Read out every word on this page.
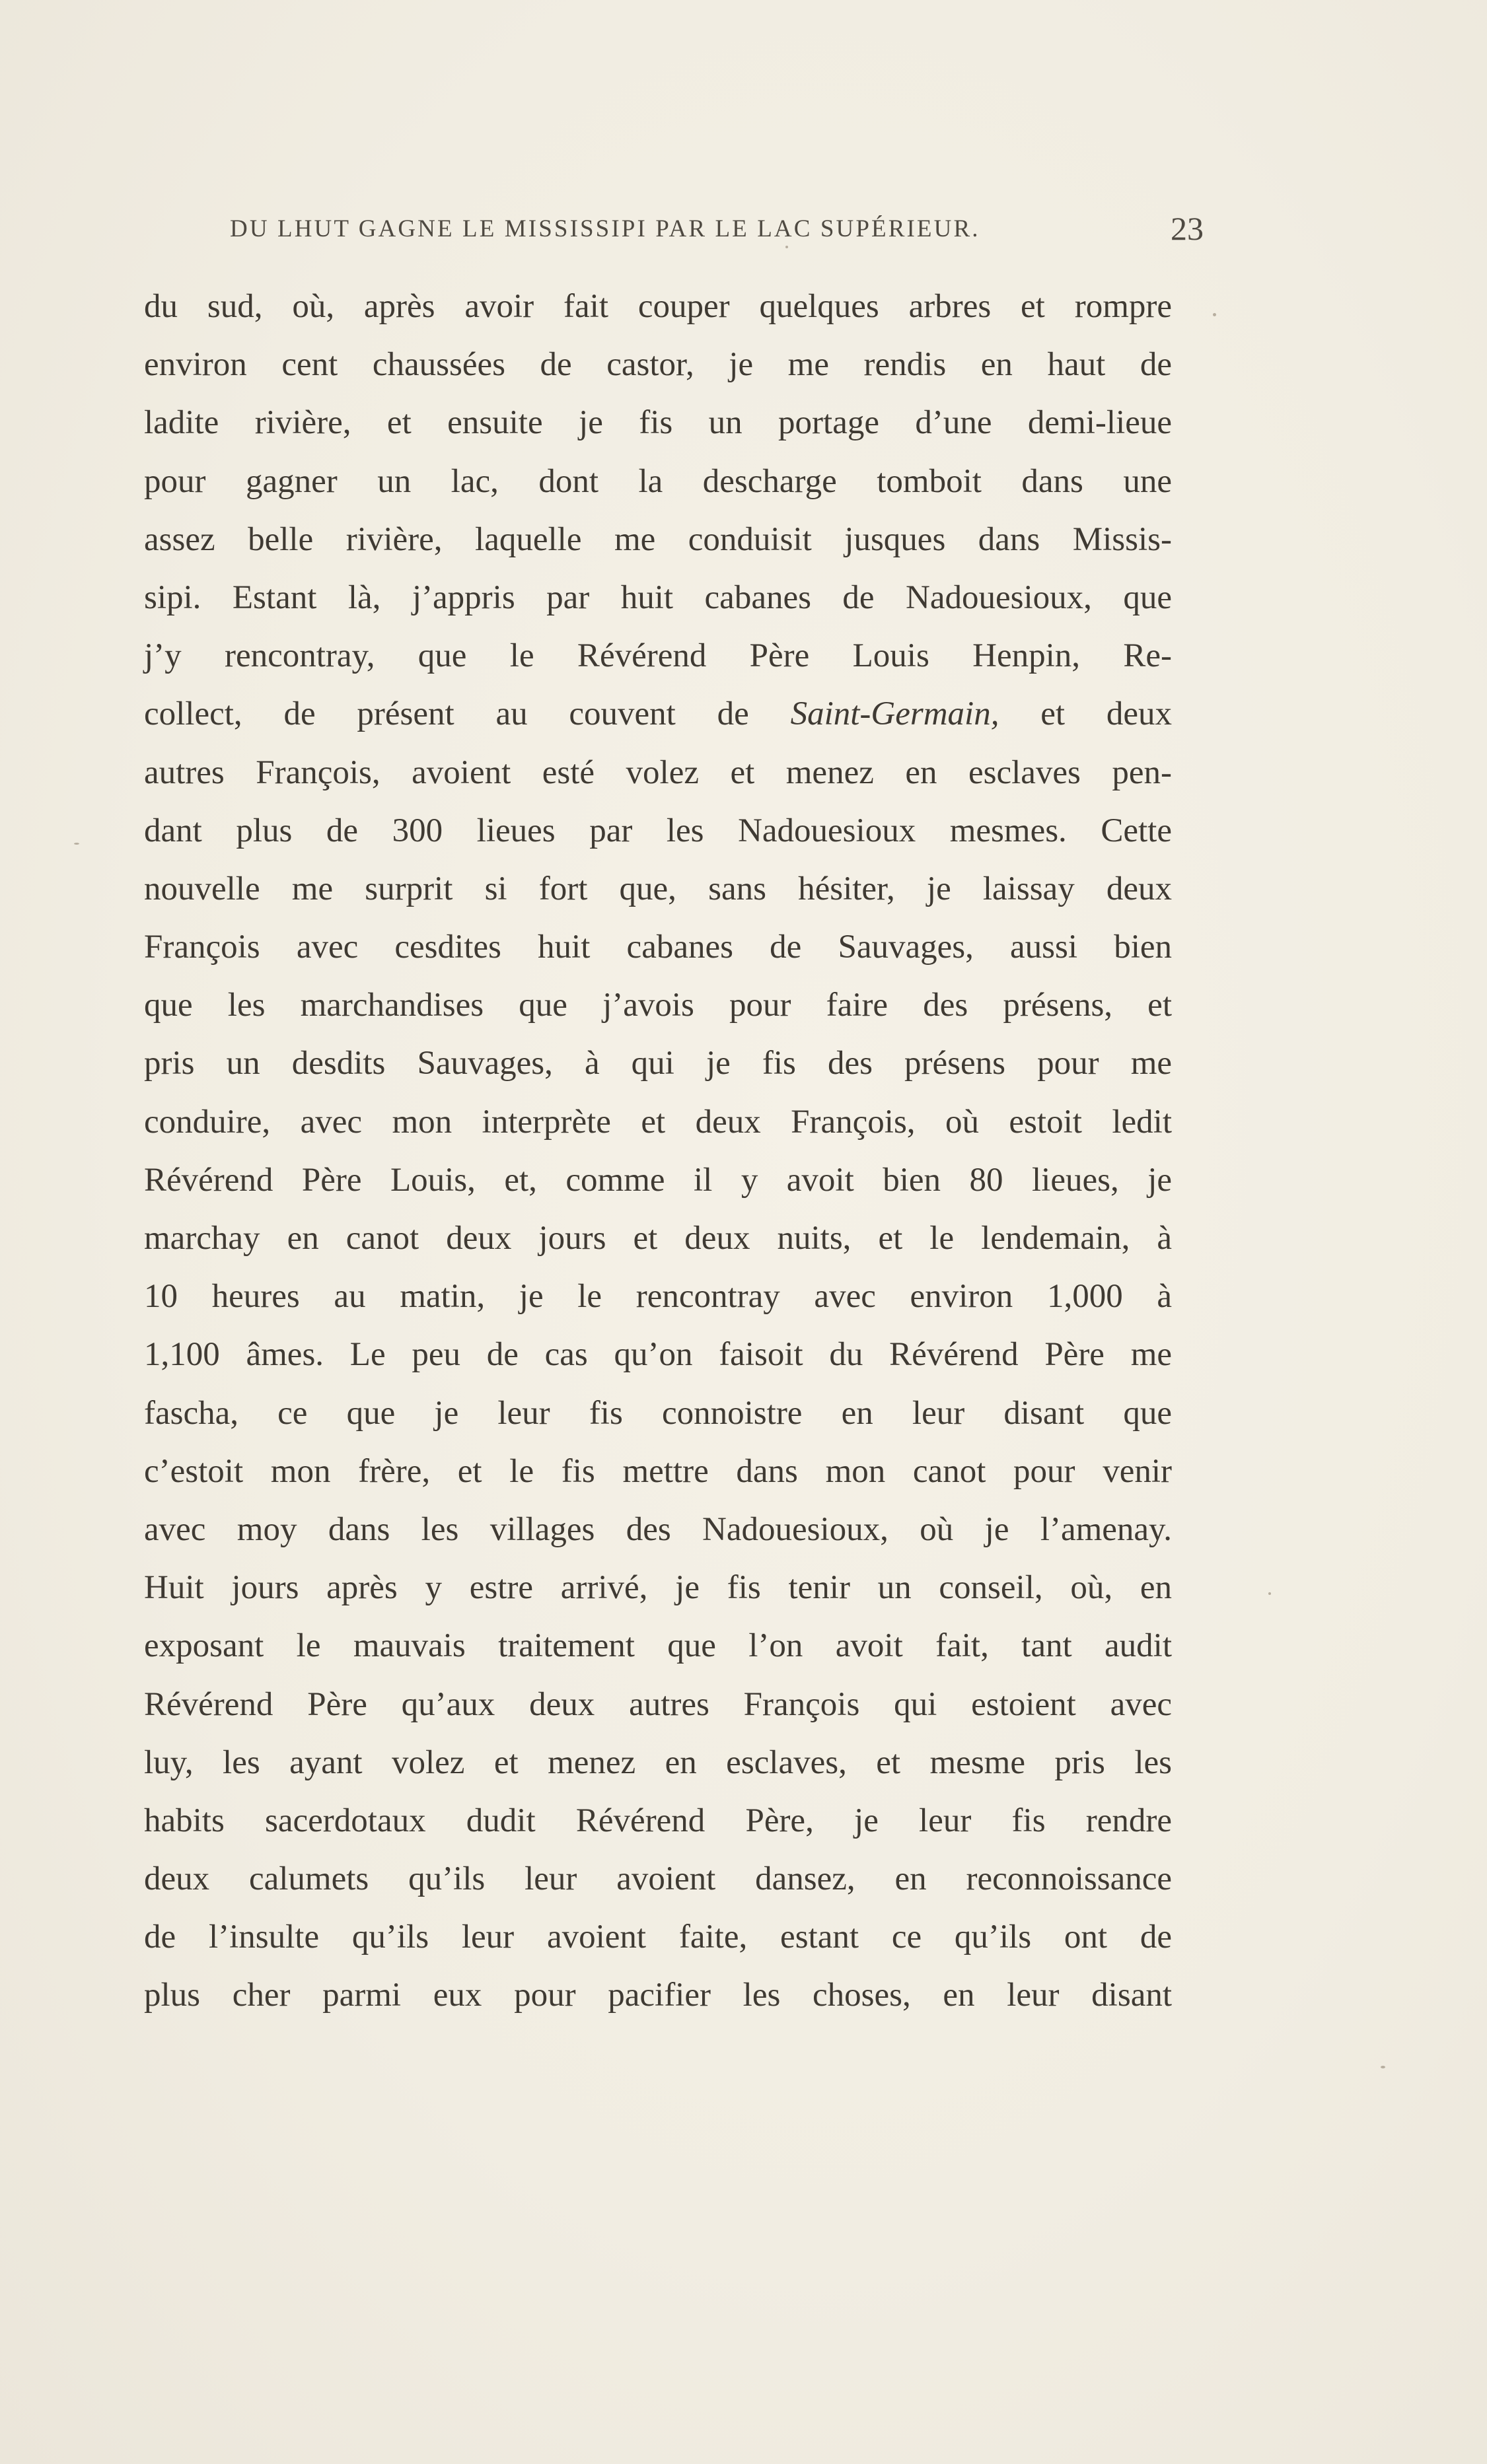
DU LHUT GAGNE LE MISSISSIPI PAR LE LAC SUPÉRIEUR.	23
du sud, où, après avoir fait couper quelques arbres et rompre
environ cent chaussées de castor, je me rendis en haut de
ladite rivière, et ensuite je fis un portage d’une demi-lieue
pour gagner un lac, dont la descharge tomboit dans une
assez belle rivière, laquelle me conduisit jusques dans Missis-
sipi. Estant là, j’appris par huit cabanes de Nadouesioux, que
j’y rencontray, que le Révérend Père Louis Henpin, Re-
collect, de présent au couvent de Saint-Germain, et deux
autres François, avoient esté volez et menez en esclaves pen-
dant plus de 300 lieues par les Nadouesioux mesmes. Cette
nouvelle me surprit si fort que, sans hésiter, je laissay deux
François avec cesdites huit cabanes de Sauvages, aussi bien
que les marchandises que j’avois pour faire des présens, et
pris un desdits Sauvages, à qui je fis des présens pour me
conduire, avec mon interprète et deux François, où estoit ledit
Révérend Père Louis, et, comme il y avoit bien 80 lieues, je
marchay en canot deux jours et deux nuits, et le lendemain, à
10 heures au matin, je le rencontray avec environ 1,000 à
1,100 âmes. Le peu de cas qu’on faisoit du Révérend Père me
fascha, ce que je leur fis connoistre en leur disant que
c’estoit mon frère, et le fis mettre dans mon canot pour venir
avec moy dans les villages des Nadouesioux, où je l’amenay.
Huit jours après y estre arrivé, je fis tenir un conseil, où, en
exposant le mauvais traitement que l’on avoit fait, tant audit
Révérend Père qu’aux deux autres François qui estoient avec
luy, les ayant volez et menez en esclaves, et mesme pris les
habits sacerdotaux dudit Révérend Père, je leur fis rendre
deux calumets qu’ils leur avoient dansez, en reconnoissance
de l’insulte qu’ils leur avoient faite, estant ce qu’ils ont de
plus cher parmi eux pour pacifier les choses, en leur disant
